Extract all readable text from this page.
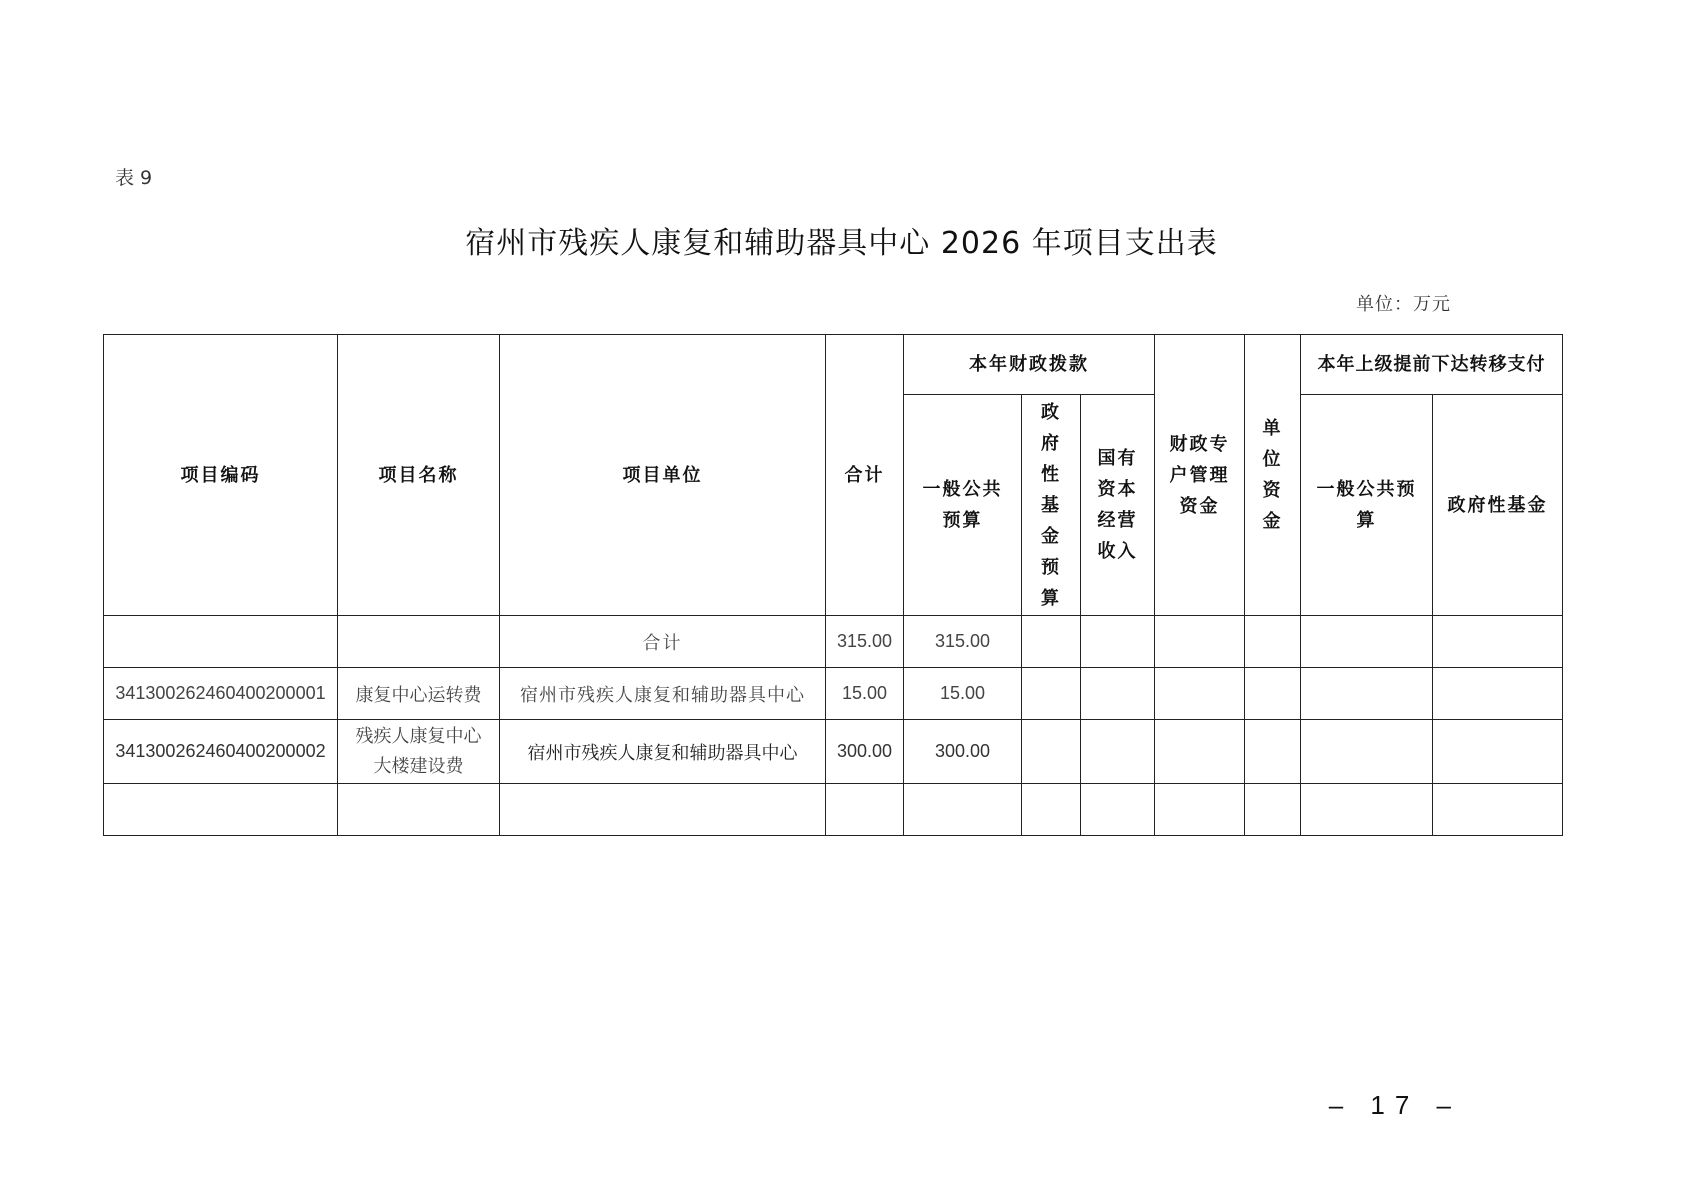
表 9
宿州市残疾人康复和辅助器具中心 2026 年项目支出表
单位：万元
项目编码	项目名称	项目单位	合计	本年财政拨款			财政专户管理资金	单位资金	本年上级提前下达转移支付	

				一般公共预算	政府性基金预算	国有资本经营收入			一般公共预算	政府性基金
		合计	315.00	315.00						
341300262460400200001	康复中心运转费	宿州市残疾人康复和辅助器具中心	15.00	15.00						
341300262460400200002	残疾人康复中心
大楼建设费	宿州市残疾人康复和辅助器具中心	300.00	300.00						

– 17 –
